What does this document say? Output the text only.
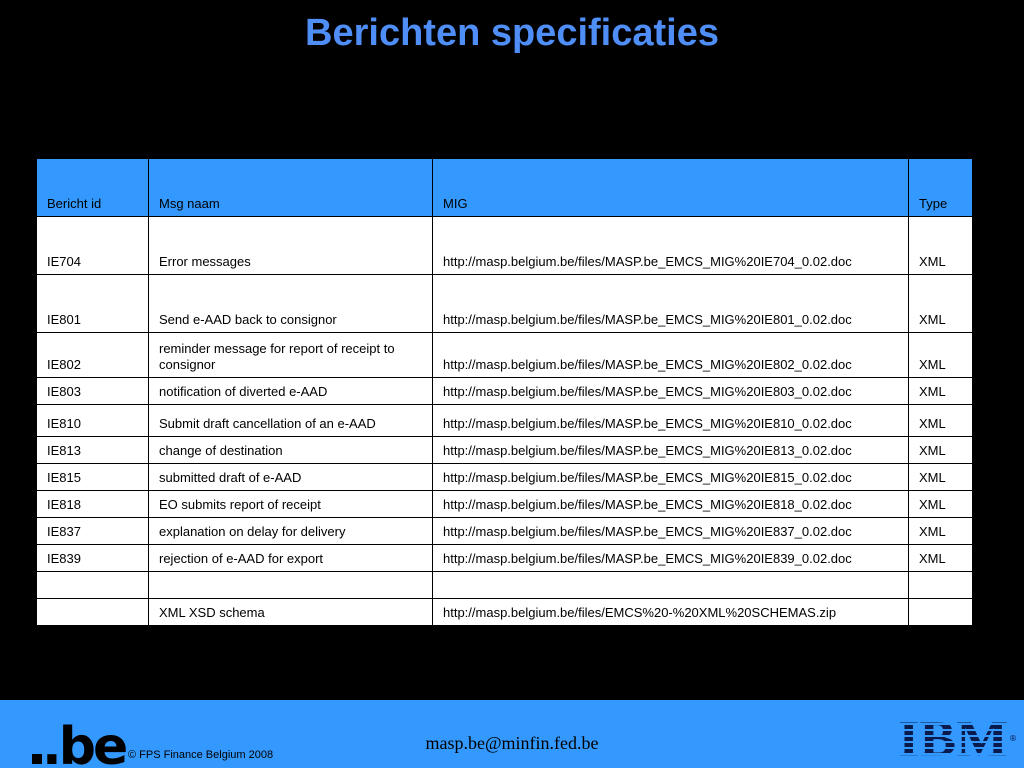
Berichten specificaties
Bericht id	Msg naam	MIG	Type
IE704	Error messages	http://masp.belgium.be/files/MASP.be_EMCS_MIG%20IE704_0.02.doc	XML
IE801	Send e-AAD back to consignor	http://masp.belgium.be/files/MASP.be_EMCS_MIG%20IE801_0.02.doc	XML
IE802	reminder message for report of receipt to consignor	http://masp.belgium.be/files/MASP.be_EMCS_MIG%20IE802_0.02.doc	XML
IE803	notification of diverted e-AAD	http://masp.belgium.be/files/MASP.be_EMCS_MIG%20IE803_0.02.doc	XML
IE810	Submit draft cancellation of an e-AAD	http://masp.belgium.be/files/MASP.be_EMCS_MIG%20IE810_0.02.doc	XML
IE813	change of destination	http://masp.belgium.be/files/MASP.be_EMCS_MIG%20IE813_0.02.doc	XML
IE815	submitted draft of e-AAD	http://masp.belgium.be/files/MASP.be_EMCS_MIG%20IE815_0.02.doc	XML
IE818	EO submits report of receipt	http://masp.belgium.be/files/MASP.be_EMCS_MIG%20IE818_0.02.doc	XML
IE837	explanation on delay for delivery	http://masp.belgium.be/files/MASP.be_EMCS_MIG%20IE837_0.02.doc	XML
IE839	rejection of e-AAD for export	http://masp.belgium.be/files/MASP.be_EMCS_MIG%20IE839_0.02.doc	XML

	XML XSD schema	http://masp.belgium.be/files/EMCS%20-%20XML%20SCHEMAS.zip	
.be © FPS Finance Belgium 2008
masp.be@minfin.fed.be	IBM ®
